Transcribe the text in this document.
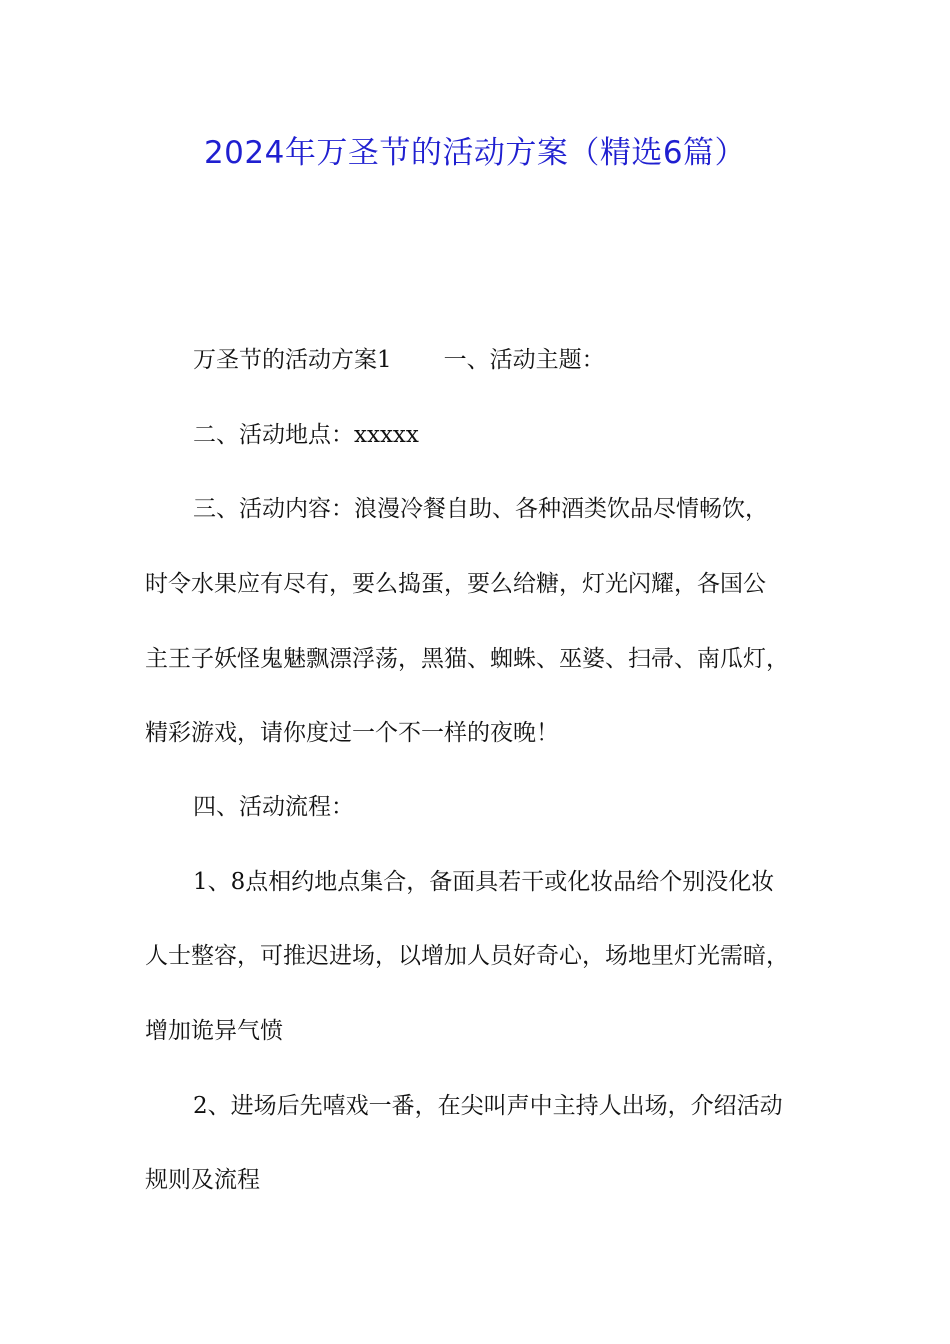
2024年万圣节的活动方案（精选6篇）
万圣节的活动方案1 一、活动主题：
二、活动地点：xxxxx
三、活动内容：浪漫冷餐自助、各种酒类饮品尽情畅饮，
时令水果应有尽有，要么捣蛋，要么给糖，灯光闪耀，各国公
主王子妖怪鬼魅飘漂浮荡，黑猫、蜘蛛、巫婆、扫帚、南瓜灯，
精彩游戏，请你度过一个不一样的夜晚！
四、活动流程：
1、8点相约地点集合，备面具若干或化妆品给个别没化妆
人士整容，可推迟进场，以增加人员好奇心，场地里灯光需暗，
增加诡异气愤
2、进场后先嘻戏一番，在尖叫声中主持人出场，介绍活动
规则及流程
